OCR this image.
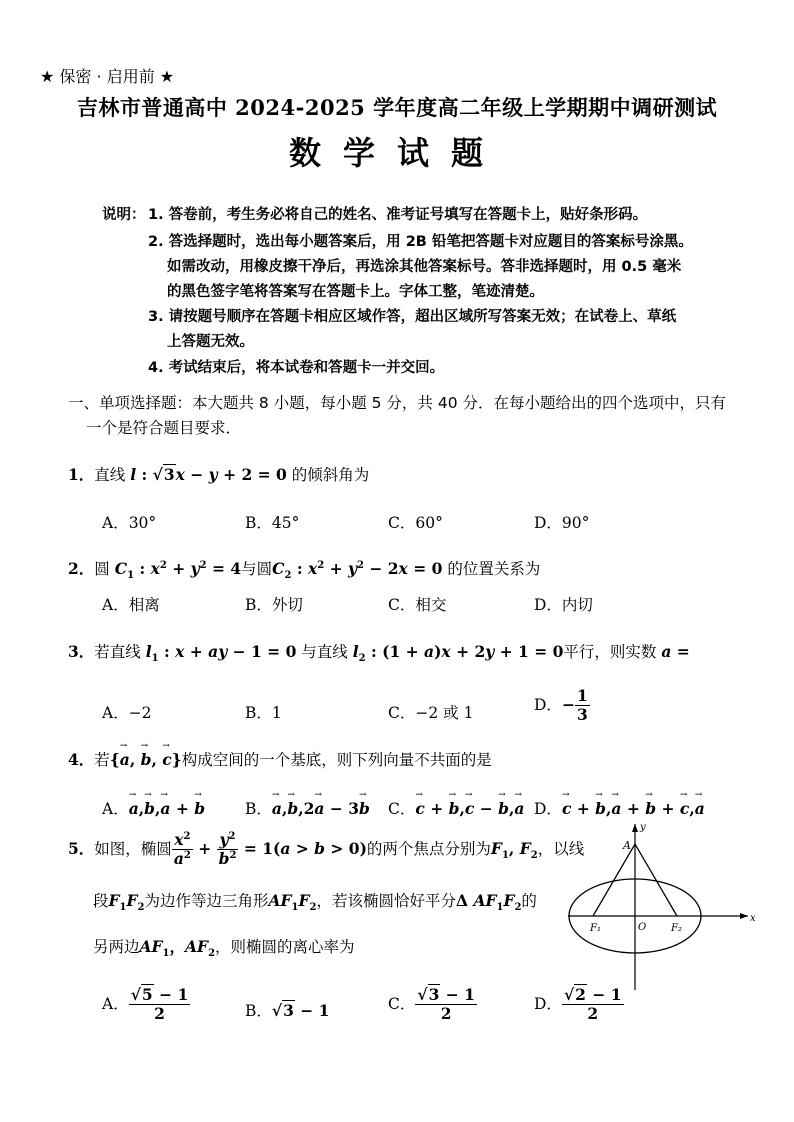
★ 保密 · 启用前 ★
吉林市普通高中 2024-2025 学年度高二年级上学期期中调研测试
数学试题
说明： 1. 答卷前，考生务必将自己的姓名、准考证号填写在答题卡上，贴好条形码。
2. 答选择题时，选出每小题答案后，用 2B 铅笔把答题卡对应题目的答案标号涂黑。
如需改动，用橡皮擦干净后，再选涂其他答案标号。答非选择题时，用 0.5 毫米
的黑色签字笔将答案写在答题卡上。字体工整，笔迹清楚。
3. 请按题号顺序在答题卡相应区域作答，超出区域所写答案无效；在试卷上、草纸
上答题无效。
4. 考试结束后，将本试卷和答题卡一并交回。
一、单项选择题：本大题共 8 小题，每小题 5 分，共 40 分．在每小题给出的四个选项中，只有
一个是符合题目要求．
1．直线 l : √3x − y + 2 = 0 的倾斜角为
A．30°	B．45°	C．60°	D．90°
2．圆 $C_1$ : $x^2 + y^2 = 4$与圆$C_2$ : $x^2 + y^2 - 2x = 0$ 的位置关系为
A．相离	B．外切	C．相交	D．内切
3．若直线 $l_1$ : x + ay − 1 = 0 与直线 $l_2$ : (1 + a)x + 2y + 1 = 0平行，则实数 a =
A．−2	B．1	C．−2 或 1	D．− $\frac{1}{3}$
4．若{→ a, → b, → c}构成空间的一个基底，则下列向量不共面的是
A．→ a,→ b,→ a + → b	B．→ a,→ b,2→ a − 3→ b C．→ c + → b,→ c − → b,→ a D．→ c + → b,→ a + → b + → c,→ a
5．如图，椭圆 $\frac{x^2}{a^2} + \frac{y^2}{b^2} = 1(a > b > 0)$的两个焦点分别为$F_1$, $F_2$，以线
段$F_1F_2$为边作等边三角形$AF_1F_2$，若该椭圆恰好平分Δ $AF_1F_2$的
另两边$AF_1$，$AF_2$，则椭圆的离心率为
A
F₁	O F₂
x
y
A． $\frac{√5 - 1}{2}$	B．√3 − 1	C． $\frac{√3 - 1}{2}$	D． $\frac{√2 - 1}{2}$
